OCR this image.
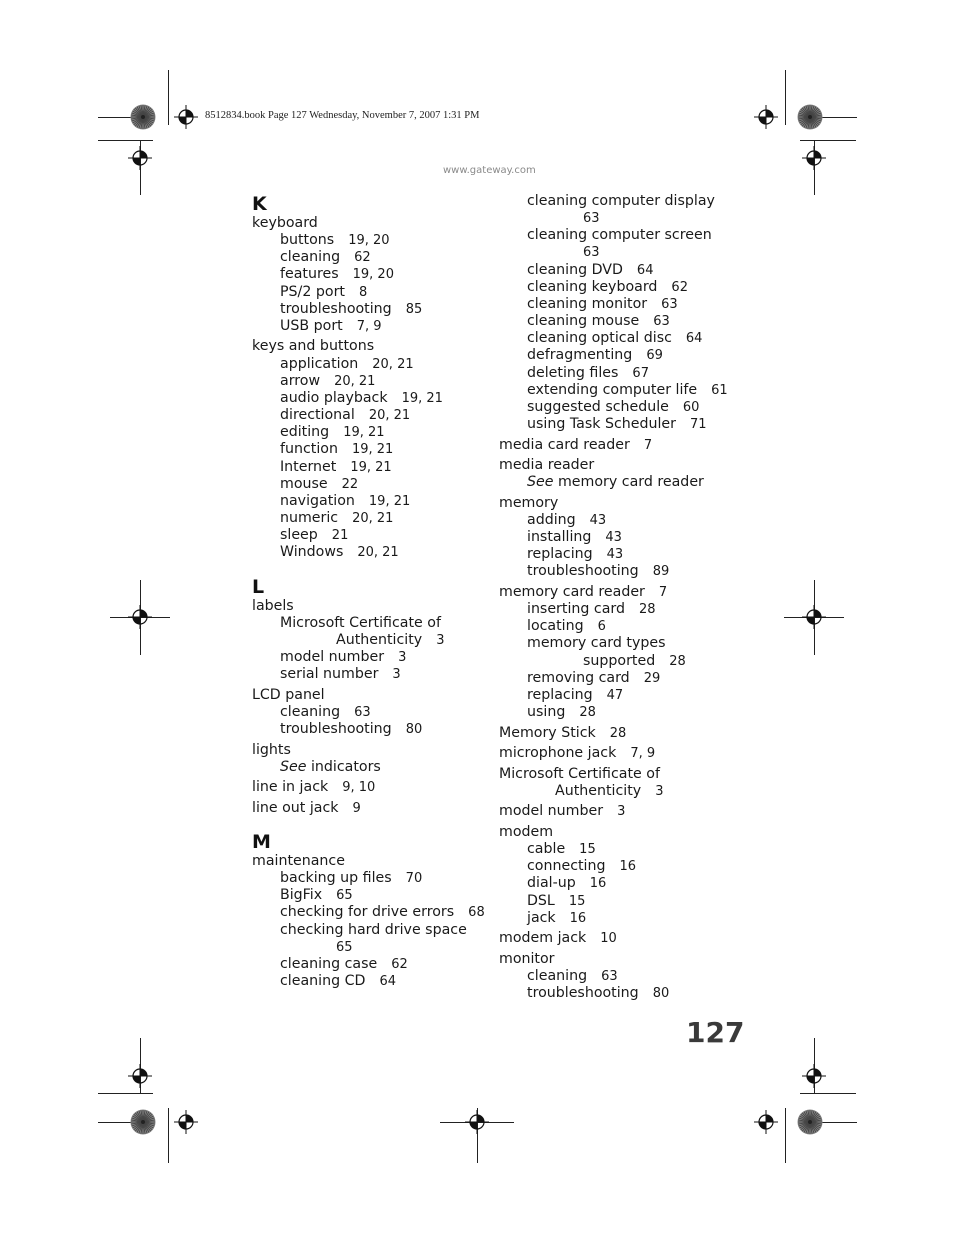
8512834.book Page 127 Wednesday, November 7, 2007 1:31 PM
www.gateway.com
K
keyboard
buttons 19, 20
cleaning 62
features 19, 20
PS/2 port 8
troubleshooting 85
USB port 7, 9
keys and buttons
application 20, 21
arrow 20, 21
audio playback 19, 21
directional 20, 21
editing 19, 21
function 19, 21
Internet 19, 21
mouse 22
navigation 19, 21
numeric 20, 21
sleep 21
Windows 20, 21
L
labels
Microsoft Certificate of
Authenticity 3
model number 3
serial number 3
LCD panel
cleaning 63
troubleshooting 80
lights
See indicators
line in jack 9, 10
line out jack 9
M
maintenance
backing up files 70
BigFix 65
checking for drive errors 68
checking hard drive space
65
cleaning case 62
cleaning CD 64
cleaning computer display
63
cleaning computer screen
63
cleaning DVD 64
cleaning keyboard 62
cleaning monitor 63
cleaning mouse 63
cleaning optical disc 64
defragmenting 69
deleting files 67
extending computer life 61
suggested schedule 60
using Task Scheduler 71
media card reader 7
media reader
See memory card reader
memory
adding 43
installing 43
replacing 43
troubleshooting 89
memory card reader 7
inserting card 28
locating 6
memory card types
supported 28
removing card 29
replacing 47
using 28
Memory Stick 28
microphone jack 7, 9
Microsoft Certificate of
Authenticity 3
model number 3
modem
cable 15
connecting 16
dial-up 16
DSL 15
jack 16
modem jack 10
monitor
cleaning 63
troubleshooting 80
127
